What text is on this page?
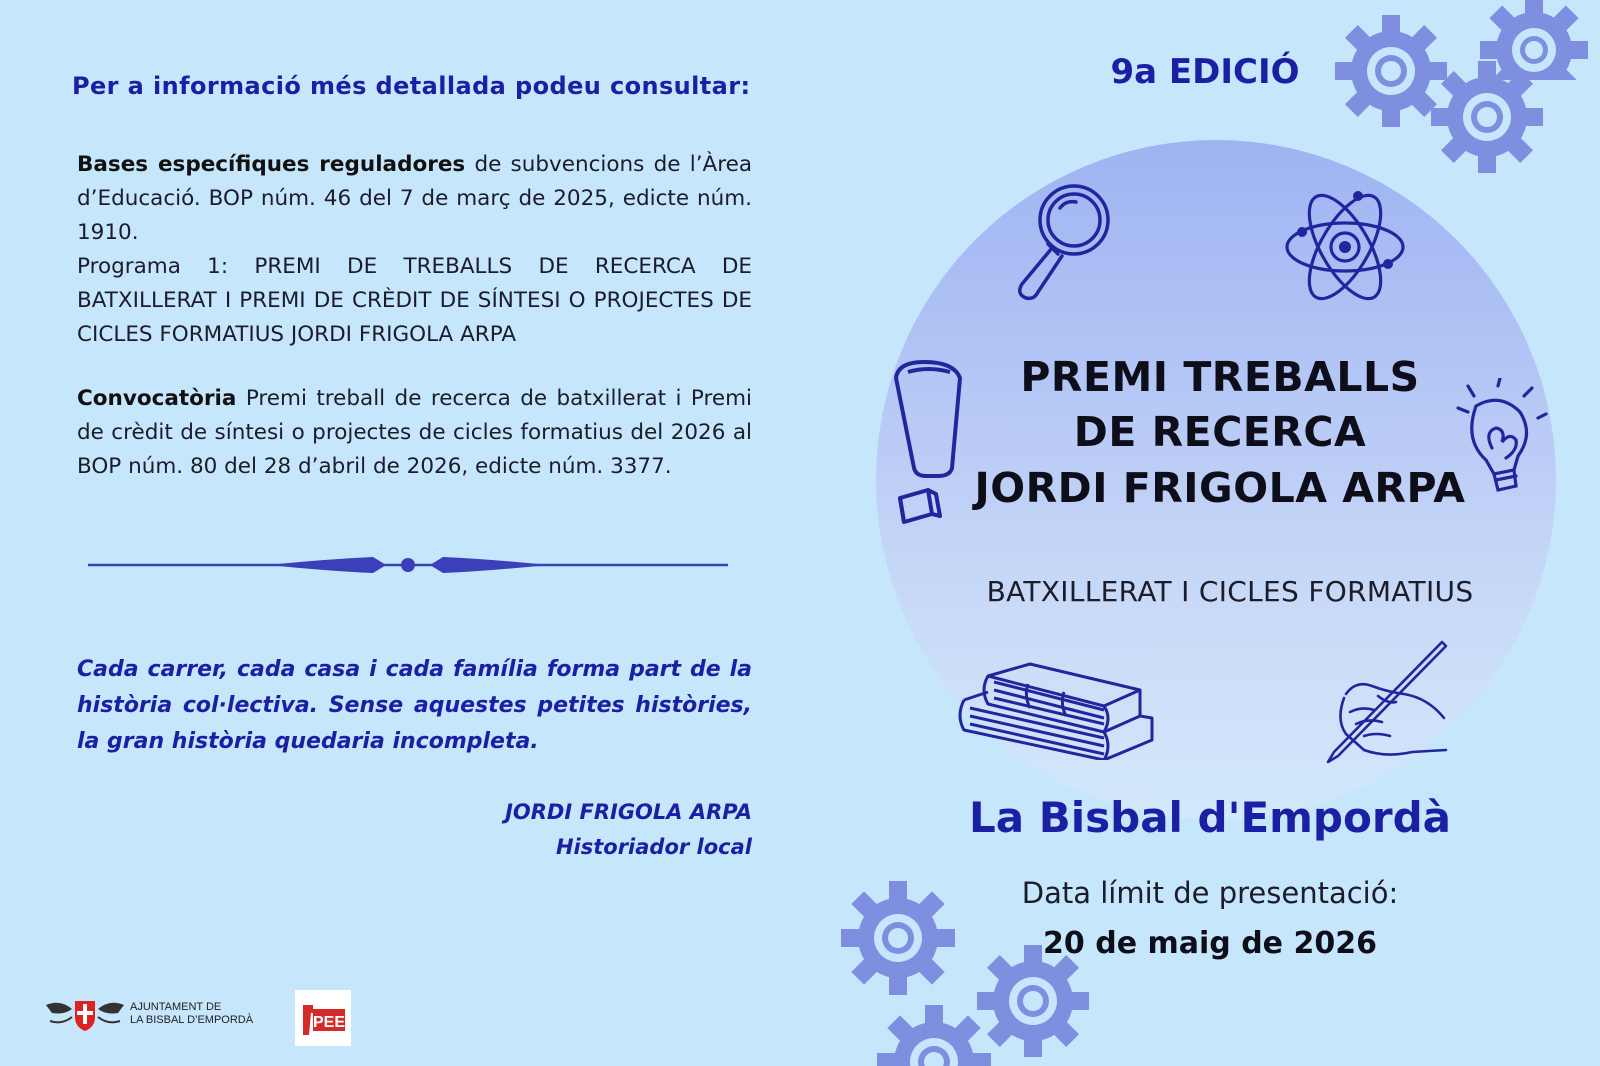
Per a informació més detallada podeu consultar:
Bases específiques reguladores de subvencions de l’Àrea d’Educació. BOP núm. 46 del 7 de març de 2025, edicte núm. 1910.
Programa 1: PREMI DE TREBALLS DE RECERCA DE BATXILLERAT I PREMI DE CRÈDIT DE SÍNTESI O PROJECTES DE CICLES FORMATIUS JORDI FRIGOLA ARPA
Convocatòria Premi treball de recerca de batxillerat i Premi de crèdit de síntesi o projectes de cicles formatius del 2026 al BOP núm. 80 del 28 d’abril de 2026, edicte núm. 3377.
Cada carrer, cada casa i cada família forma part de la història col·lectiva. Sense aquestes petites històries, la gran història quedaria incompleta.
JORDI FRIGOLA ARPA
Historiador local
AJUNTAMENT DE
LA BISBAL D’EMPORDÀ	PEE
9a EDICIÓ
PREMI TREBALLS
DE RECERCA
JORDI FRIGOLA ARPA
BATXILLERAT I CICLES FORMATIUS
La Bisbal d'Empordà
Data límit de presentació:
20 de maig de 2026
